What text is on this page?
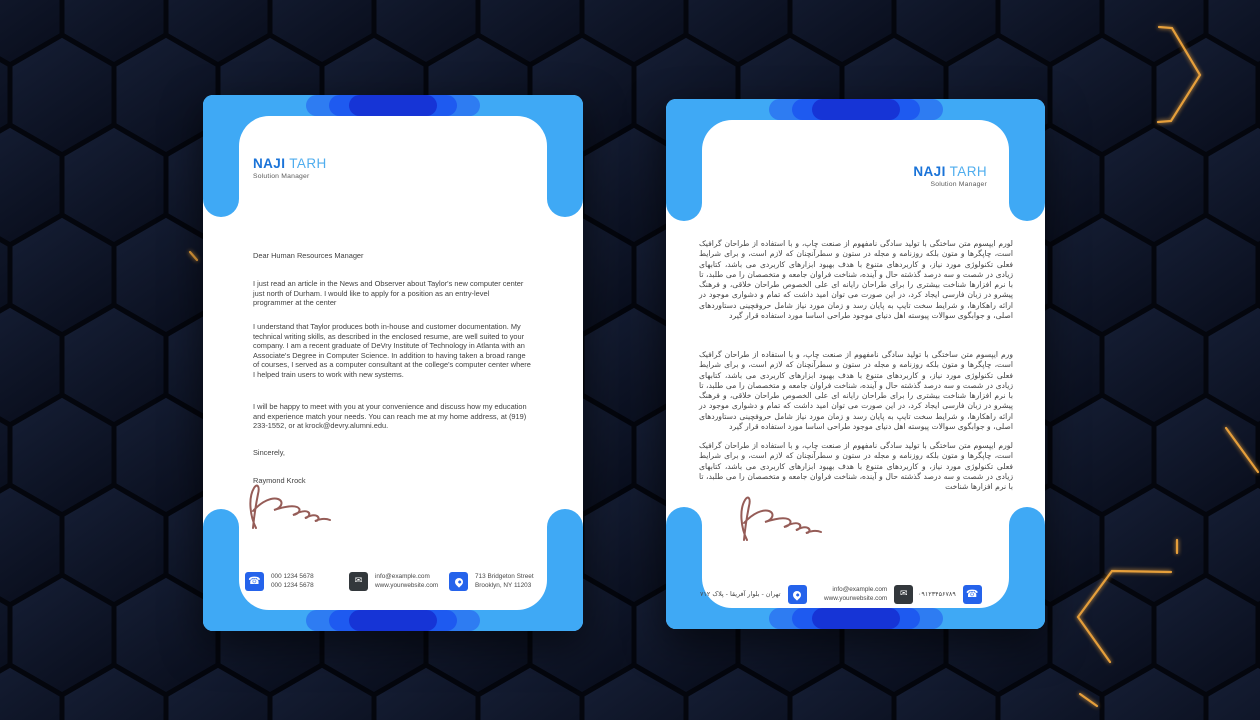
NAJI TARH
Solution Manager
Dear Human Resources Manager
I just read an article in the News and Observer about Taylor's new computer center just north of Durham. I would like to apply for a position as an entry-level programmer at the center
I understand that Taylor produces both in-house and customer documentation. My technical writing skills, as described in the enclosed resume, are well suited to your company. I am a recent graduate of DeVry Institute of Technology in Atlanta with an Associate's Degree in Computer Science. In addition to having taken a broad range of courses, I served as a computer consultant at the college's computer center where I helped train users to work with new systems.
I will be happy to meet with you at your convenience and discuss how my education and experience match your needs. You can reach me at my home address, at (919) 233-1552, or at krock@devry.alumni.edu.
Sincerely,
Raymond Krock
☎ 000 1234 5678
000 1234 5678	✉ info@example.com
www.yourwebsite.com
713 Bridgeton Street
Brooklyn, NY 11203
NAJI TARH
Solution Manager
لورم ایپسوم متن ساختگی با تولید سادگی نامفهوم از صنعت چاپ، و با استفاده از طراحان گرافیک است، چاپگرها و متون بلکه روزنامه و مجله در ستون و سطرآنچنان که لازم است، و برای شرایط فعلی تکنولوژی مورد نیاز، و کاربردهای متنوع با هدف بهبود ابزارهای کاربردی می باشد، کتابهای زیادی در شصت و سه درصد گذشته حال و آینده، شناخت فراوان جامعه و متخصصان را می طلبد، تا با نرم افزارها شناخت بیشتری را برای طراحان رایانه ای علی الخصوص طراحان خلاقی، و فرهنگ پیشرو در زبان فارسی ایجاد کرد، در این صورت می توان امید داشت که تمام و دشواری موجود در ارائه راهکارها، و شرایط سخت تایپ به پایان رسد و زمان مورد نیاز شامل حروفچینی دستاوردهای اصلی، و جوابگوی سوالات پیوسته اهل دنیای موجود طراحی اساسا مورد استفاده قرار گیرد
ورم ایپسوم متن ساختگی با تولید سادگی نامفهوم از صنعت چاپ، و با استفاده از طراحان گرافیک است، چاپگرها و متون بلکه روزنامه و مجله در ستون و سطرآنچنان که لازم است، و برای شرایط فعلی تکنولوژی مورد نیاز، و کاربردهای متنوع با هدف بهبود ابزارهای کاربردی می باشد، کتابهای زیادی در شصت و سه درصد گذشته حال و آینده، شناخت فراوان جامعه و متخصصان را می طلبد، تا با نرم افزارها شناخت بیشتری را برای طراحان رایانه ای علی الخصوص طراحان خلاقی، و فرهنگ پیشرو در زبان فارسی ایجاد کرد، در این صورت می توان امید داشت که تمام و دشواری موجود در ارائه راهکارها، و شرایط سخت تایپ به پایان رسد و زمان مورد نیاز شامل حروفچینی دستاوردهای اصلی، و جوابگوی سوالات پیوسته اهل دنیای موجود طراحی اساسا مورد استفاده قرار گیرد
لورم ایپسوم متن ساختگی با تولید سادگی نامفهوم از صنعت چاپ، و با استفاده از طراحان گرافیک است، چاپگرها و متون بلکه روزنامه و مجله در ستون و سطرآنچنان که لازم است، و برای شرایط فعلی تکنولوژی مورد نیاز، و کاربردهای متنوع با هدف بهبود ابزارهای کاربردی می باشد، کتابهای زیادی در شصت و سه درصد گذشته حال و آینده، شناخت فراوان جامعه و متخصصان را می طلبد، تا با نرم افزارها شناخت
☎
۰۹۱۲۳۴۵۶۷۸۹
✉
info@example.com
www.yourwebsite.com
تهران - بلوار آفریقا - پلاک ۷۱۲
